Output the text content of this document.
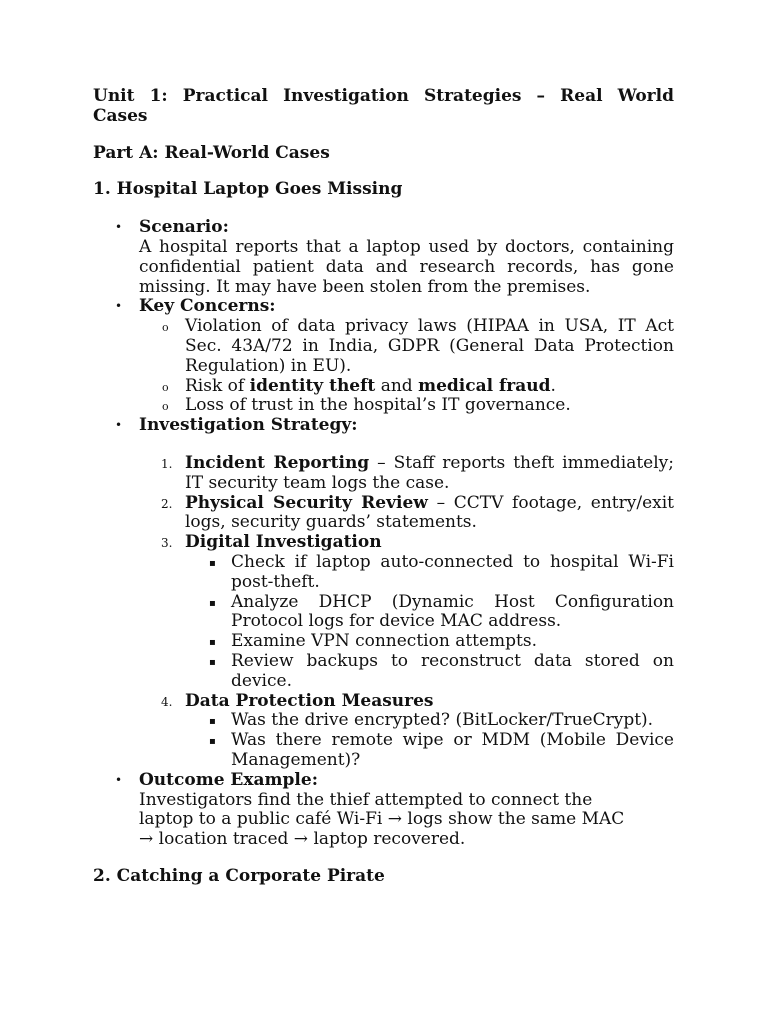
Unit 1: Practical Investigation Strategies – Real World

Cases

Part A: Real-World Cases

1. Hospital Laptop Goes Missing

• Scenario:

A hospital reports that a laptop used by doctors, containing confidential patient data and research records, has gone missing. It may have been stolen from the premises.

• Key Concerns:

o Violation of data privacy laws (HIPAA in USA, IT Act Sec. 43A/72 in India, GDPR (General Data Protection Regulation) in EU).

o Risk of identity theft and medical fraud.

o Loss of trust in the hospital’s IT governance.

• Investigation Strategy:

1. Incident Reporting – Staff reports theft immediately; IT security team logs the case.

2. Physical Security Review – CCTV footage, entry/exit logs, security guards’ statements.

3. Digital Investigation

▪ Check if laptop auto-connected to hospital Wi-Fi post-theft.

▪ Analyze DHCP (Dynamic Host Configuration Protocol logs for device MAC address.

▪ Examine VPN connection attempts.

▪ Review backups to reconstruct data stored on device.

4. Data Protection Measures

▪ Was the drive encrypted? (BitLocker/TrueCrypt).

▪ Was there remote wipe or MDM (Mobile Device Management)?

• Outcome Example:

Investigators find the thief attempted to connect the

laptop to a public café Wi-Fi → logs show the same MAC

→ location traced → laptop recovered.

2. Catching a Corporate Pirate
